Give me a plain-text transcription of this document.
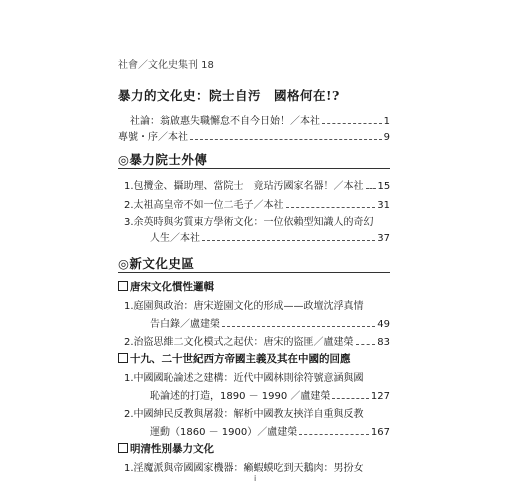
社會／文化史集刊 18
暴力的文化史：院士自汚　國格何在!?
社論：翁啟惠失職懈怠不自今日始！／本社	1
專號・序／本社	9
◎暴力院士外傳
1.包攬金、攝助理、當院士　竟玷汚國家名器！／本社 15
2.太祖高皇帝不如一位二毛子／本社	31
3.余英時與劣質東方學術文化：一位依賴型知識人的奇幻
人生／本社	37
◎新文化史區
唐宋文化慣性邏輯
1.庭園與政治：唐宋遊園文化的形成——政壇沈浮真情
告白錄／盧建榮	49
2.治盜思維二文化模式之起伏：唐宋的盜匪／盧建榮 83
十九、二十世紀西方帝國主義及其在中國的回應
1.中國國恥論述之建構：近代中國林則徐符號意涵與國
恥論述的打造，1890 － 1990 ／盧建榮	127
2.中國紳民反教與屠殺：解析中國教友挾洋自重與反教
運動（1860 － 1900）／盧建榮	167
明清性別暴力文化
1.淫魔派與帝國國家機器：癩蝦蟆吃到天鵝肉：男扮女
i
